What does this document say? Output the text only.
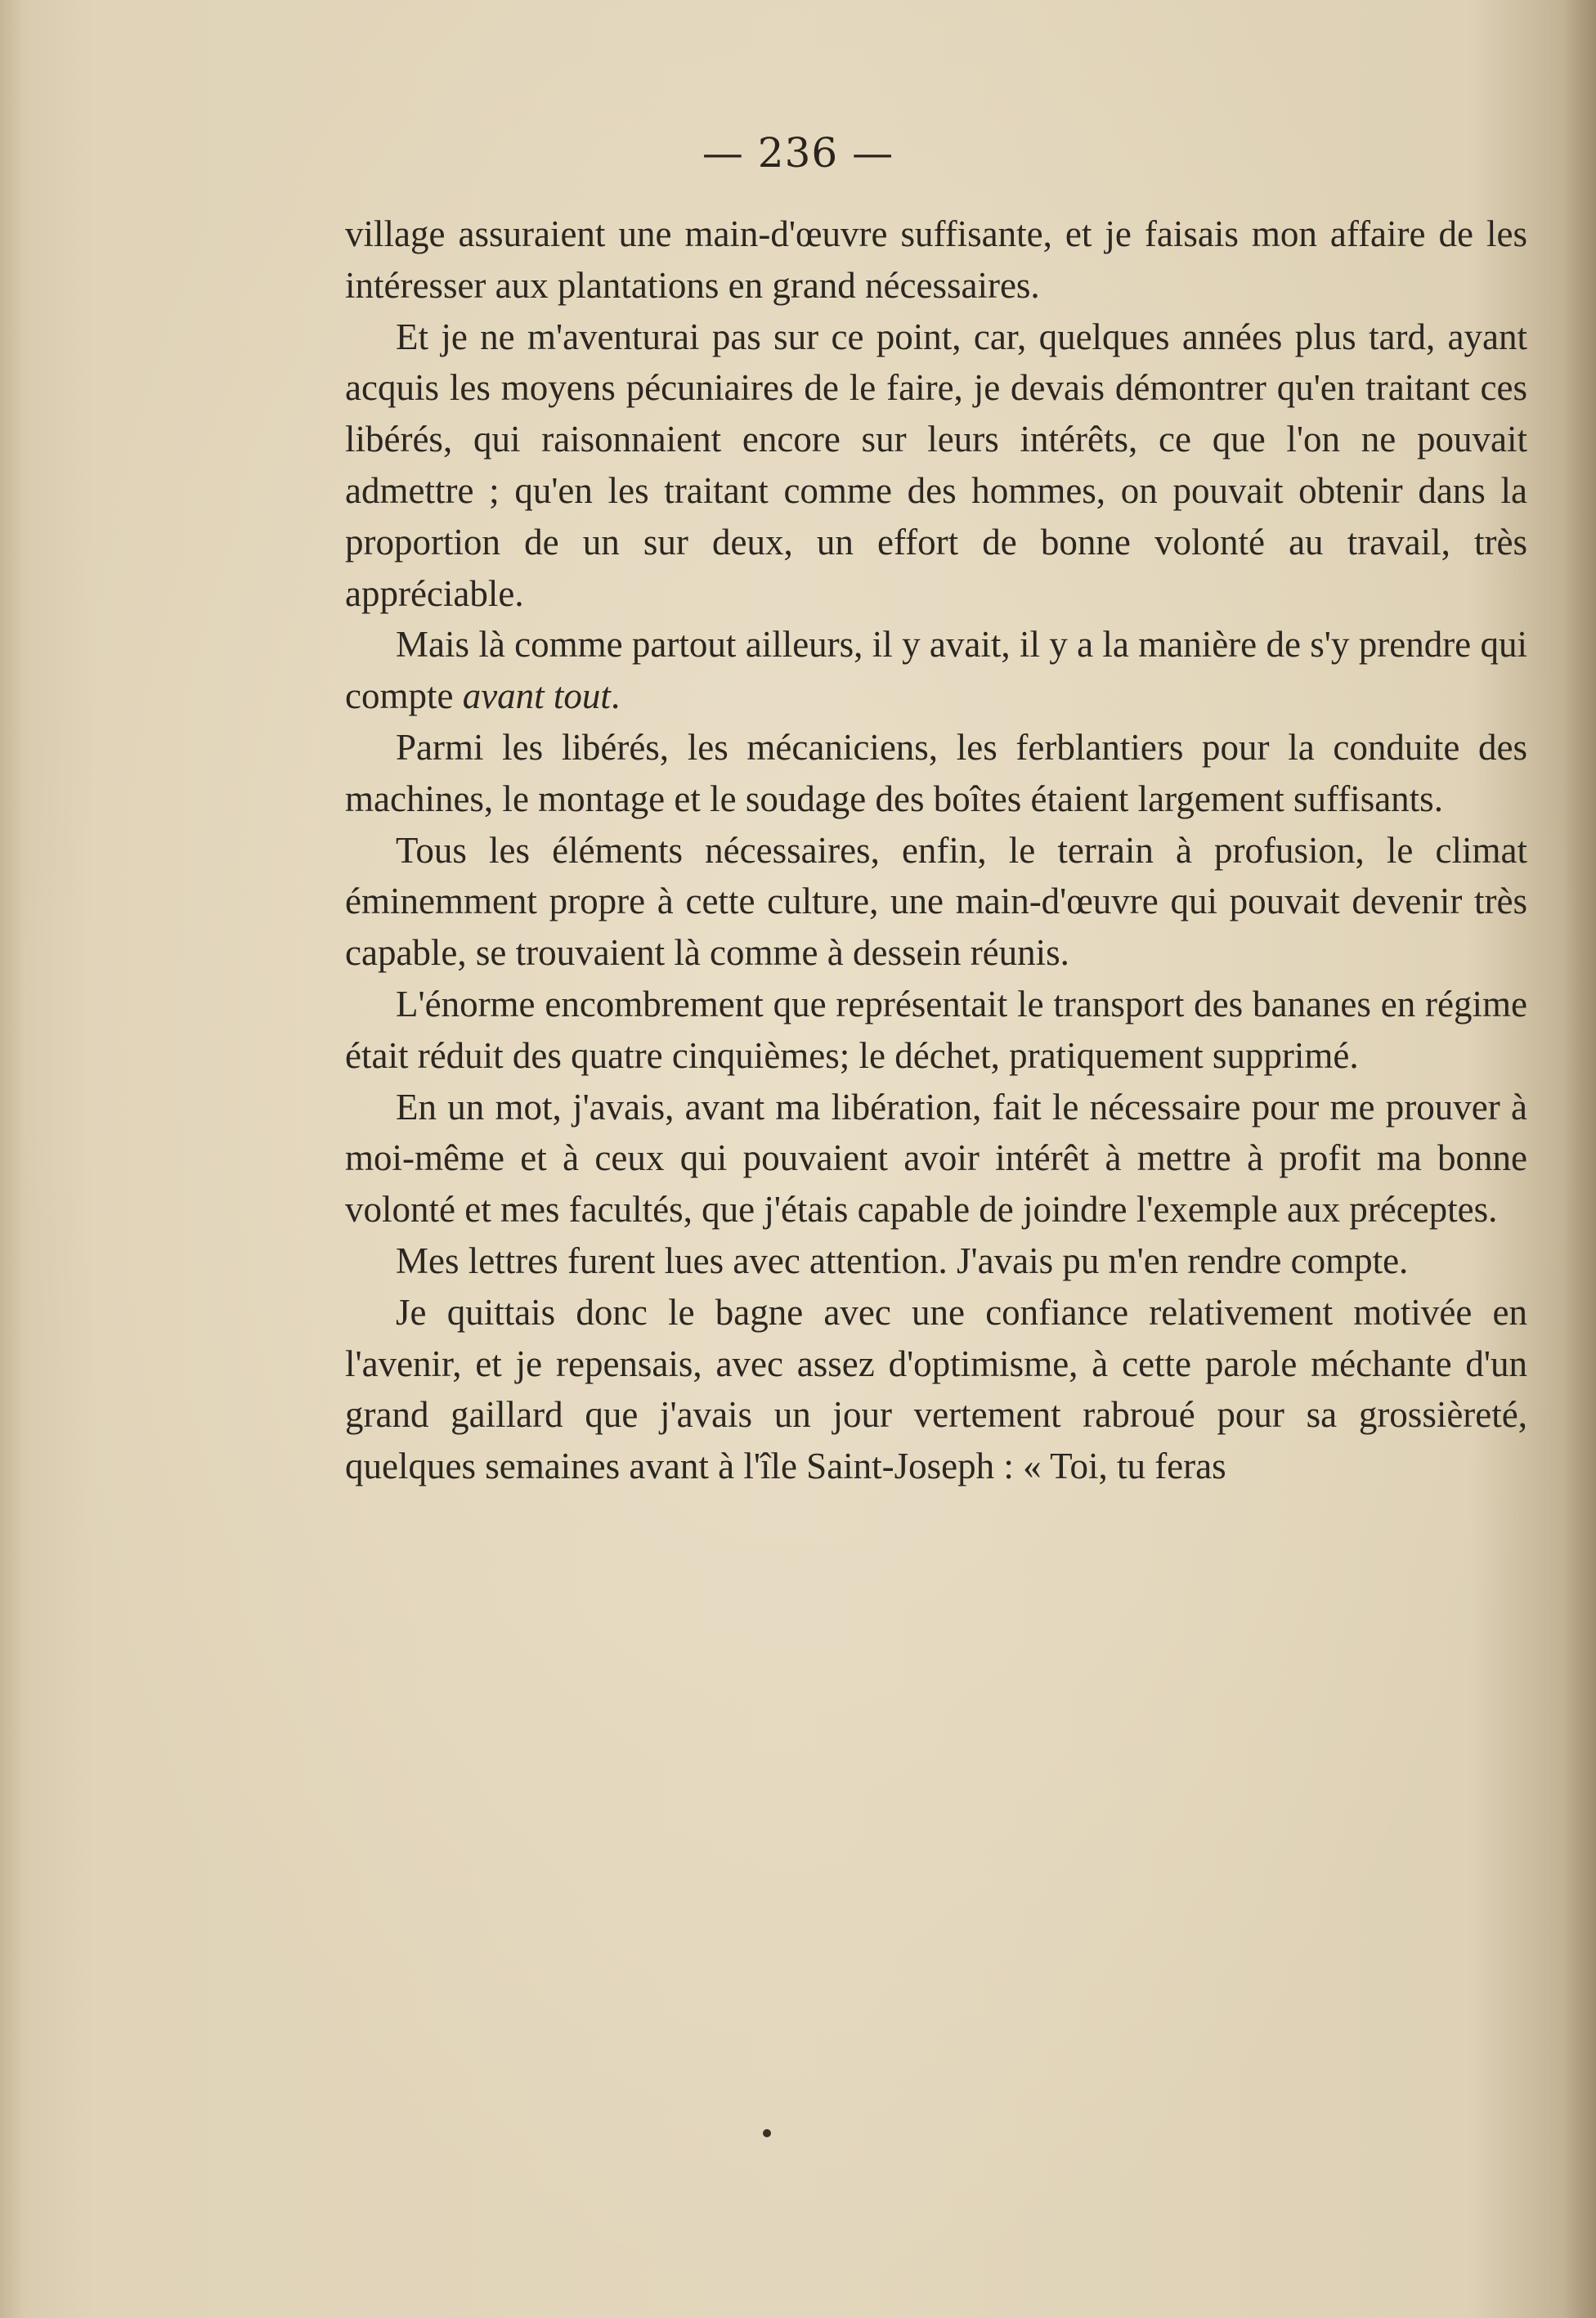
— 236 —

village assuraient une main-d'œuvre suffisante, et je faisais mon affaire de les intéresser aux plantations en grand nécessaires.

Et je ne m'aventurai pas sur ce point, car, quelques années plus tard, ayant acquis les moyens pécuniaires de le faire, je devais démontrer qu'en traitant ces libérés, qui raisonnaient encore sur leurs intérêts, ce que l'on ne pouvait admettre ; qu'en les traitant comme des hommes, on pouvait obtenir dans la proportion de un sur deux, un effort de bonne volonté au travail, très appréciable.

Mais là comme partout ailleurs, il y avait, il y a la manière de s'y prendre qui compte avant tout.

Parmi les libérés, les mécaniciens, les ferblantiers pour la conduite des machines, le montage et le soudage des boîtes étaient largement suffisants.

Tous les éléments nécessaires, enfin, le terrain à profusion, le climat éminemment propre à cette culture, une main-d'œuvre qui pouvait devenir très capable, se trouvaient là comme à dessein réunis.

L'énorme encombrement que représentait le transport des bananes en régime était réduit des quatre cinquièmes; le déchet, pratiquement supprimé.

En un mot, j'avais, avant ma libération, fait le nécessaire pour me prouver à moi-même et à ceux qui pouvaient avoir intérêt à mettre à profit ma bonne volonté et mes facultés, que j'étais capable de joindre l'exemple aux préceptes.

Mes lettres furent lues avec attention. J'avais pu m'en rendre compte.

Je quittais donc le bagne avec une confiance relativement motivée en l'avenir, et je repensais, avec assez d'optimisme, à cette parole méchante d'un grand gaillard que j'avais un jour vertement rabroué pour sa grossièreté, quelques semaines avant à l'île Saint-Joseph : « Toi, tu feras
